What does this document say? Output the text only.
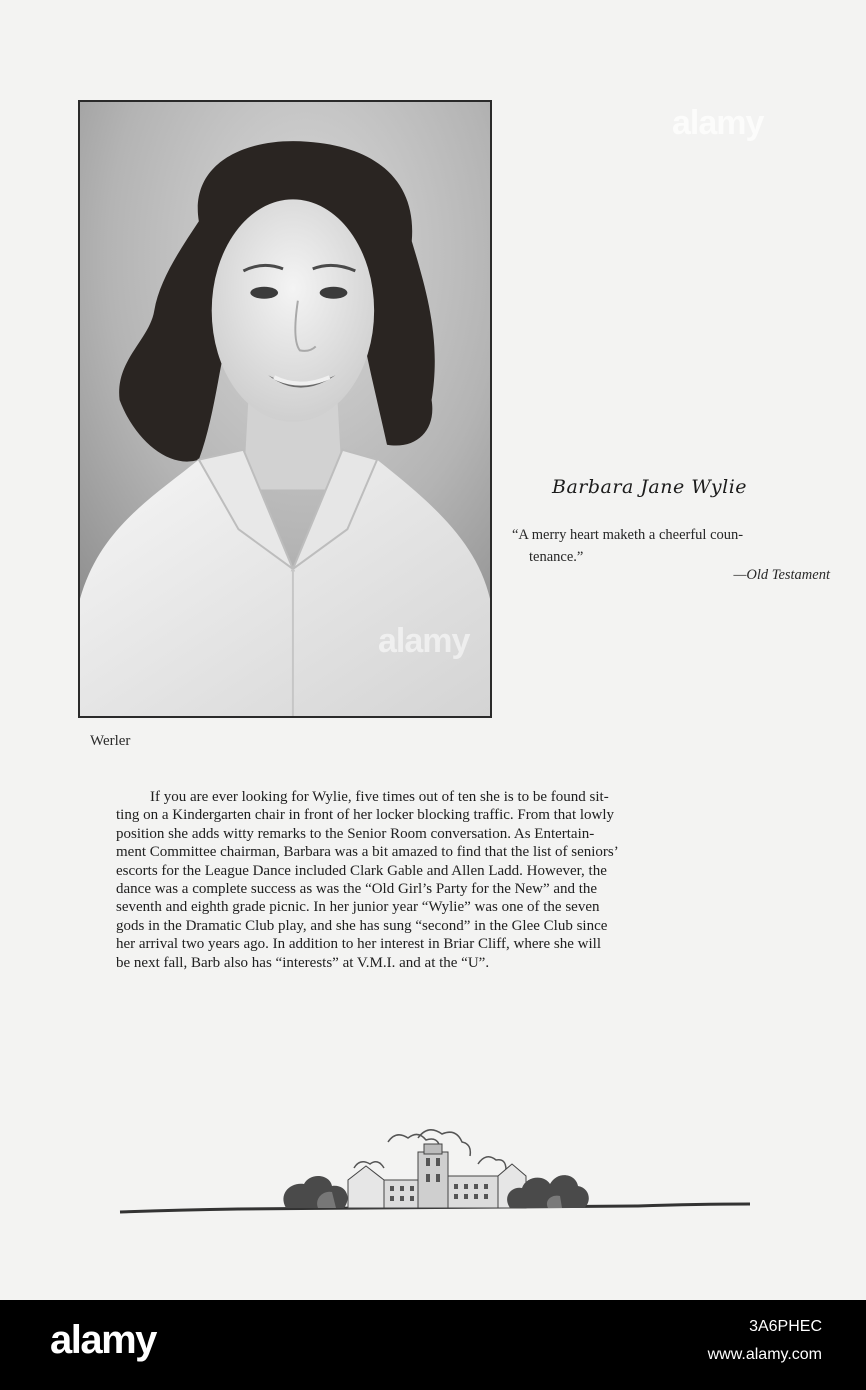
Werler
Barbara Jane Wylie
“A merry heart maketh a cheerful coun-
tenance.”
—Old Testament
If you are ever looking for Wylie, five times out of ten she is to be found sit-
ting on a Kindergarten chair in front of her locker blocking traffic. From that lowly
position she adds witty remarks to the Senior Room conversation. As Entertain-
ment Committee chairman, Barbara was a bit amazed to find that the list of seniors’
escorts for the League Dance included Clark Gable and Allen Ladd. However, the
dance was a complete success as was the “Old Girl’s Party for the New” and the
seventh and eighth grade picnic. In her junior year “Wylie” was one of the seven
gods in the Dramatic Club play, and she has sung “second” in the Glee Club since
her arrival two years ago. In addition to her interest in Briar Cliff, where she will
be next fall, Barb also has “interests” at V.M.I. and at the “U”.
alamy
alamy
alamy	3A6PHEC
www.alamy.com
